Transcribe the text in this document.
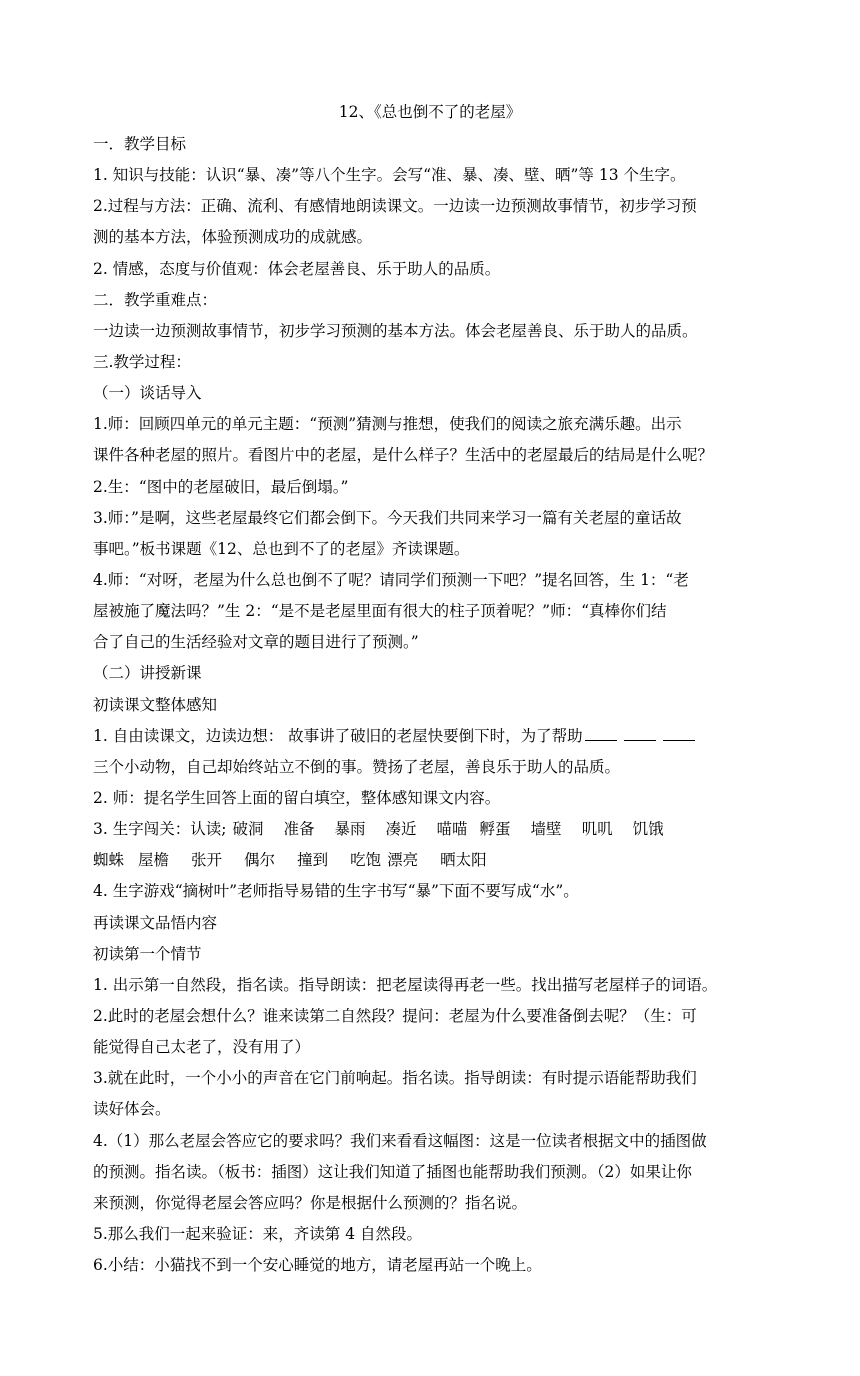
12、《总也倒不了的老屋》
一．教学目标
1. 知识与技能：认识“暴、凑”等八个生字。会写“准、暴、凑、壁、晒”等 13 个生字。
2.过程与方法：正确、流利、有感情地朗读课文。一边读一边预测故事情节，初步学习预
测的基本方法，体验预测成功的成就感。
2. 情感，态度与价值观：体会老屋善良、乐于助人的品质。
二．教学重难点：
一边读一边预测故事情节，初步学习预测的基本方法。体会老屋善良、乐于助人的品质。
三.教学过程：
（一）谈话导入
1.师：回顾四单元的单元主题：“预测”猜测与推想，使我们的阅读之旅充满乐趣。出示
课件各种老屋的照片。看图片中的老屋，是什么样子？生活中的老屋最后的结局是什么呢？
2.生：“图中的老屋破旧，最后倒塌。”
3.师：”是啊，这些老屋最终它们都会倒下。今天我们共同来学习一篇有关老屋的童话故
事吧。”板书课题《12、总也到不了的老屋》齐读课题。
4.师：“对呀，老屋为什么总也倒不了呢？请同学们预测一下吧？”提名回答，生 1：“老
屋被施了魔法吗？”生 2：“是不是老屋里面有很大的柱子顶着呢？”师：“真棒你们结
合了自己的生活经验对文章的题目进行了预测。”
（二）讲授新课
初读课文整体感知
1. 自由读课文，边读边想： 故事讲了破旧的老屋快要倒下时，为了帮助
三个小动物，自己却始终站立不倒的事。赞扬了老屋，善良乐于助人的品质。
2. 师：提名学生回答上面的留白填空，整体感知课文内容。
3. 生字闯关：认读; 破洞 准备 暴雨 凑近 喵喵 孵蛋 墙壁 叽叽 饥饿
蜘蛛 屋檐 张开 偶尔 撞到 吃饱 漂亮 晒太阳
4. 生字游戏“摘树叶”老师指导易错的生字书写“暴”下面不要写成“水”。
再读课文品悟内容
初读第一个情节
1. 出示第一自然段，指名读。指导朗读：把老屋读得再老一些。找出描写老屋样子的词语。
2.此时的老屋会想什么？谁来读第二自然段？提问：老屋为什么要准备倒去呢？（生：可
能觉得自己太老了，没有用了）
3.就在此时，一个小小的声音在它门前响起。指名读。指导朗读：有时提示语能帮助我们
读好体会。
4.（1）那么老屋会答应它的要求吗？我们来看看这幅图：这是一位读者根据文中的插图做
的预测。指名读。（板书：插图）这让我们知道了插图也能帮助我们预测。（2）如果让你
来预测，你觉得老屋会答应吗？你是根据什么预测的？指名说。
5.那么我们一起来验证：来，齐读第 4 自然段。
6.小结：小猫找不到一个安心睡觉的地方，请老屋再站一个晚上。
